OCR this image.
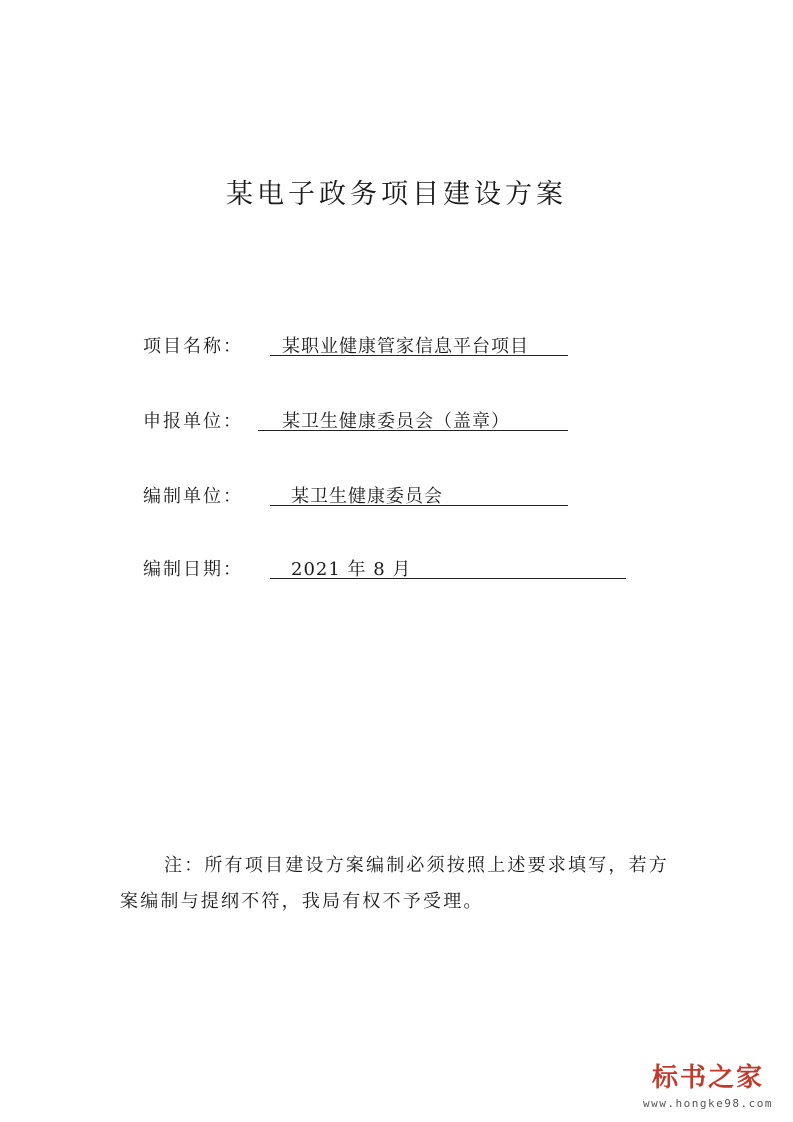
某电子政务项目建设方案
项目名称： 某职业健康管家信息平台项目
申报单位： 某卫生健康委员会（盖章）
编制单位：	某卫生健康委员会
编制日期：	2021 年 8 月
注：所有项目建设方案编制必须按照上述要求填写，若方案编制与提纲不符，我局有权不予受理。
标书之家
www.hongke98.com
